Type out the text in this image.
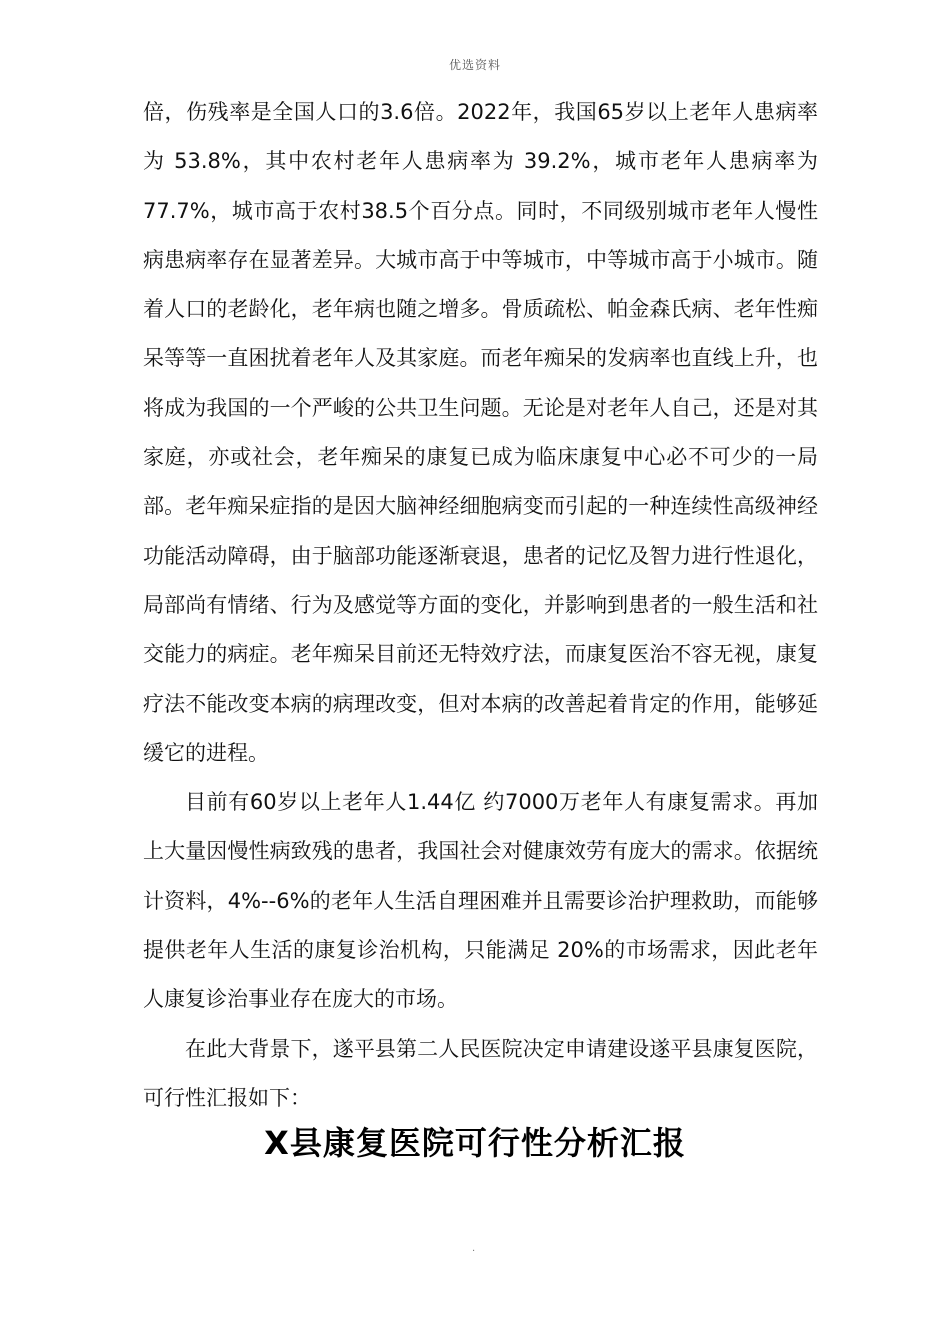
优选资料

倍，伤残率是全国人口的3.6倍。2022年，我国65岁以上老年人患病率为 53.8%，其中农村老年人患病率为 39.2%，城市老年人患病率为77.7%，城市高于农村38.5个百分点。同时，不同级别城市老年人慢性病患病率存在显著差异。大城市高于中等城市，中等城市高于小城市。随着人口的老龄化，老年病也随之增多。骨质疏松、帕金森氏病、老年性痴呆等等一直困扰着老年人及其家庭。而老年痴呆的发病率也直线上升，也将成为我国的一个严峻的公共卫生问题。无论是对老年人自己，还是对其家庭，亦或社会，老年痴呆的康复已成为临床康复中心必不可少的一局部。老年痴呆症指的是因大脑神经细胞病变而引起的一种连续性高级神经功能活动障碍，由于脑部功能逐渐衰退，患者的记忆及智力进行性退化，局部尚有情绪、行为及感觉等方面的变化，并影响到患者的一般生活和社交能力的病症。老年痴呆目前还无特效疗法，而康复医治不容无视，康复疗法不能改变本病的病理改变，但对本病的改善起着肯定的作用，能够延缓它的进程。

目前有60岁以上老年人1.44亿 约7000万老年人有康复需求。再加上大量因慢性病致残的患者，我国社会对健康效劳有庞大的需求。依据统计资料，4%--6%的老年人生活自理困难并且需要诊治护理救助，而能够提供老年人生活的康复诊治机构，只能满足 20%的市场需求，因此老年人康复诊治事业存在庞大的市场。

在此大背景下，遂平县第二人民医院决定申请建设遂平县康复医院，可行性汇报如下：

X县康复医院可行性分析汇报
.
